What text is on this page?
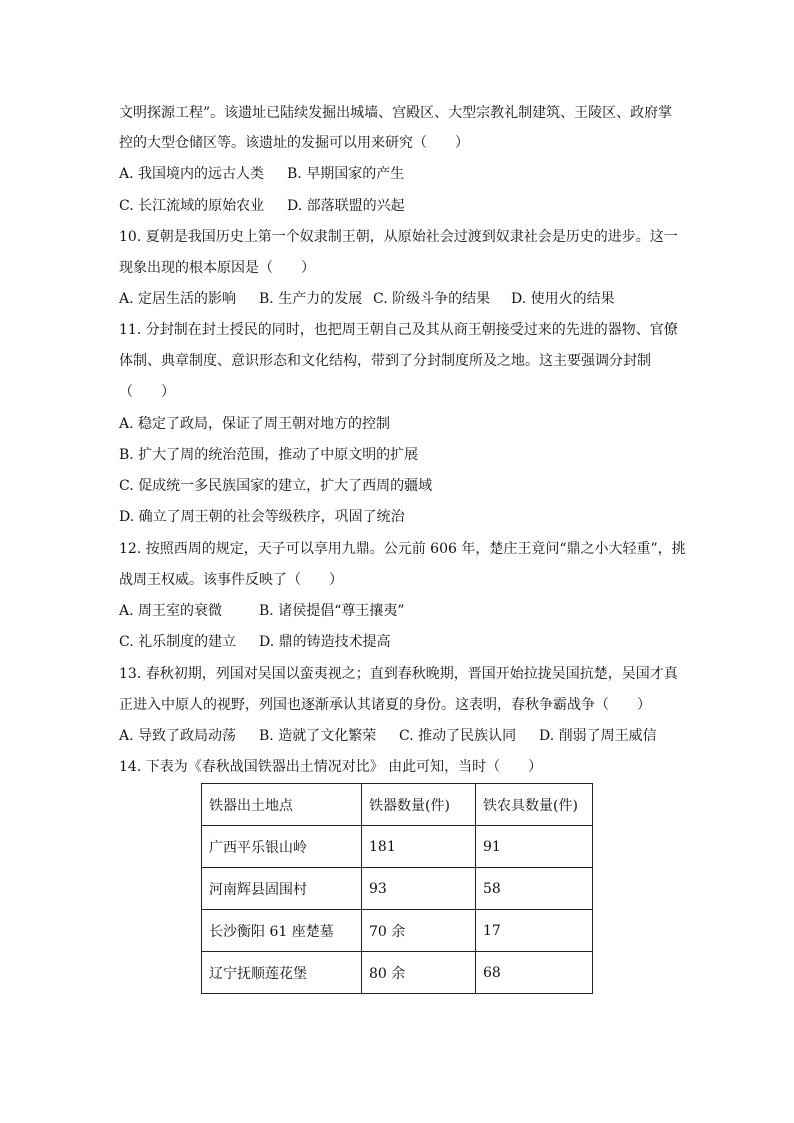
文明探源工程”。该遗址已陆续发掘出城墙、宫殿区、大型宗教礼制建筑、王陵区、政府掌
控的大型仓储区等。该遗址的发掘可以用来研究（　　）
A. 我国境内的远古人类 B. 早期国家的产生
C. 长江流域的原始农业 D. 部落联盟的兴起
10. 夏朝是我国历史上第一个奴隶制王朝，从原始社会过渡到奴隶社会是历史的进步。这一
现象出现的根本原因是（　　）
A. 定居生活的影响 B. 生产力的发展 C. 阶级斗争的结果 D. 使用火的结果
11. 分封制在封土授民的同时，也把周王朝自己及其从商王朝接受过来的先进的器物、官僚
体制、典章制度、意识形态和文化结构，带到了分封制度所及之地。这主要强调分封制
（　　）
A. 稳定了政局，保证了周王朝对地方的控制
B. 扩大了周的统治范围，推动了中原文明的扩展
C. 促成统一多民族国家的建立，扩大了西周的疆域
D. 确立了周王朝的社会等级秩序，巩固了统治
12. 按照西周的规定，天子可以享用九鼎。公元前 606 年，楚庄王竟问“鼎之小大轻重”，挑
战周王权威。该事件反映了（　　）
A. 周王室的衰微	B. 诸侯提倡“尊王攘夷”
C. 礼乐制度的建立 D. 鼎的铸造技术提高
13. 春秋初期，列国对吴国以蛮夷视之；直到春秋晚期，晋国开始拉拢吴国抗楚，吴国才真
正进入中原人的视野，列国也逐渐承认其诸夏的身份。这表明，春秋争霸战争（　　）
A. 导致了政局动荡 B. 造就了文化繁荣 C. 推动了民族认同 D. 削弱了周王威信
14. 下表为《春秋战国铁器出土情况对比》 由此可知，当时（　　）
铁器出土地点	铁器数量(件)	铁农具数量(件)
广西平乐银山岭	181	91
河南辉县固围村	93	58
长沙衡阳 61 座楚墓	70 余	17
辽宁抚顺莲花堡	80 余	68
